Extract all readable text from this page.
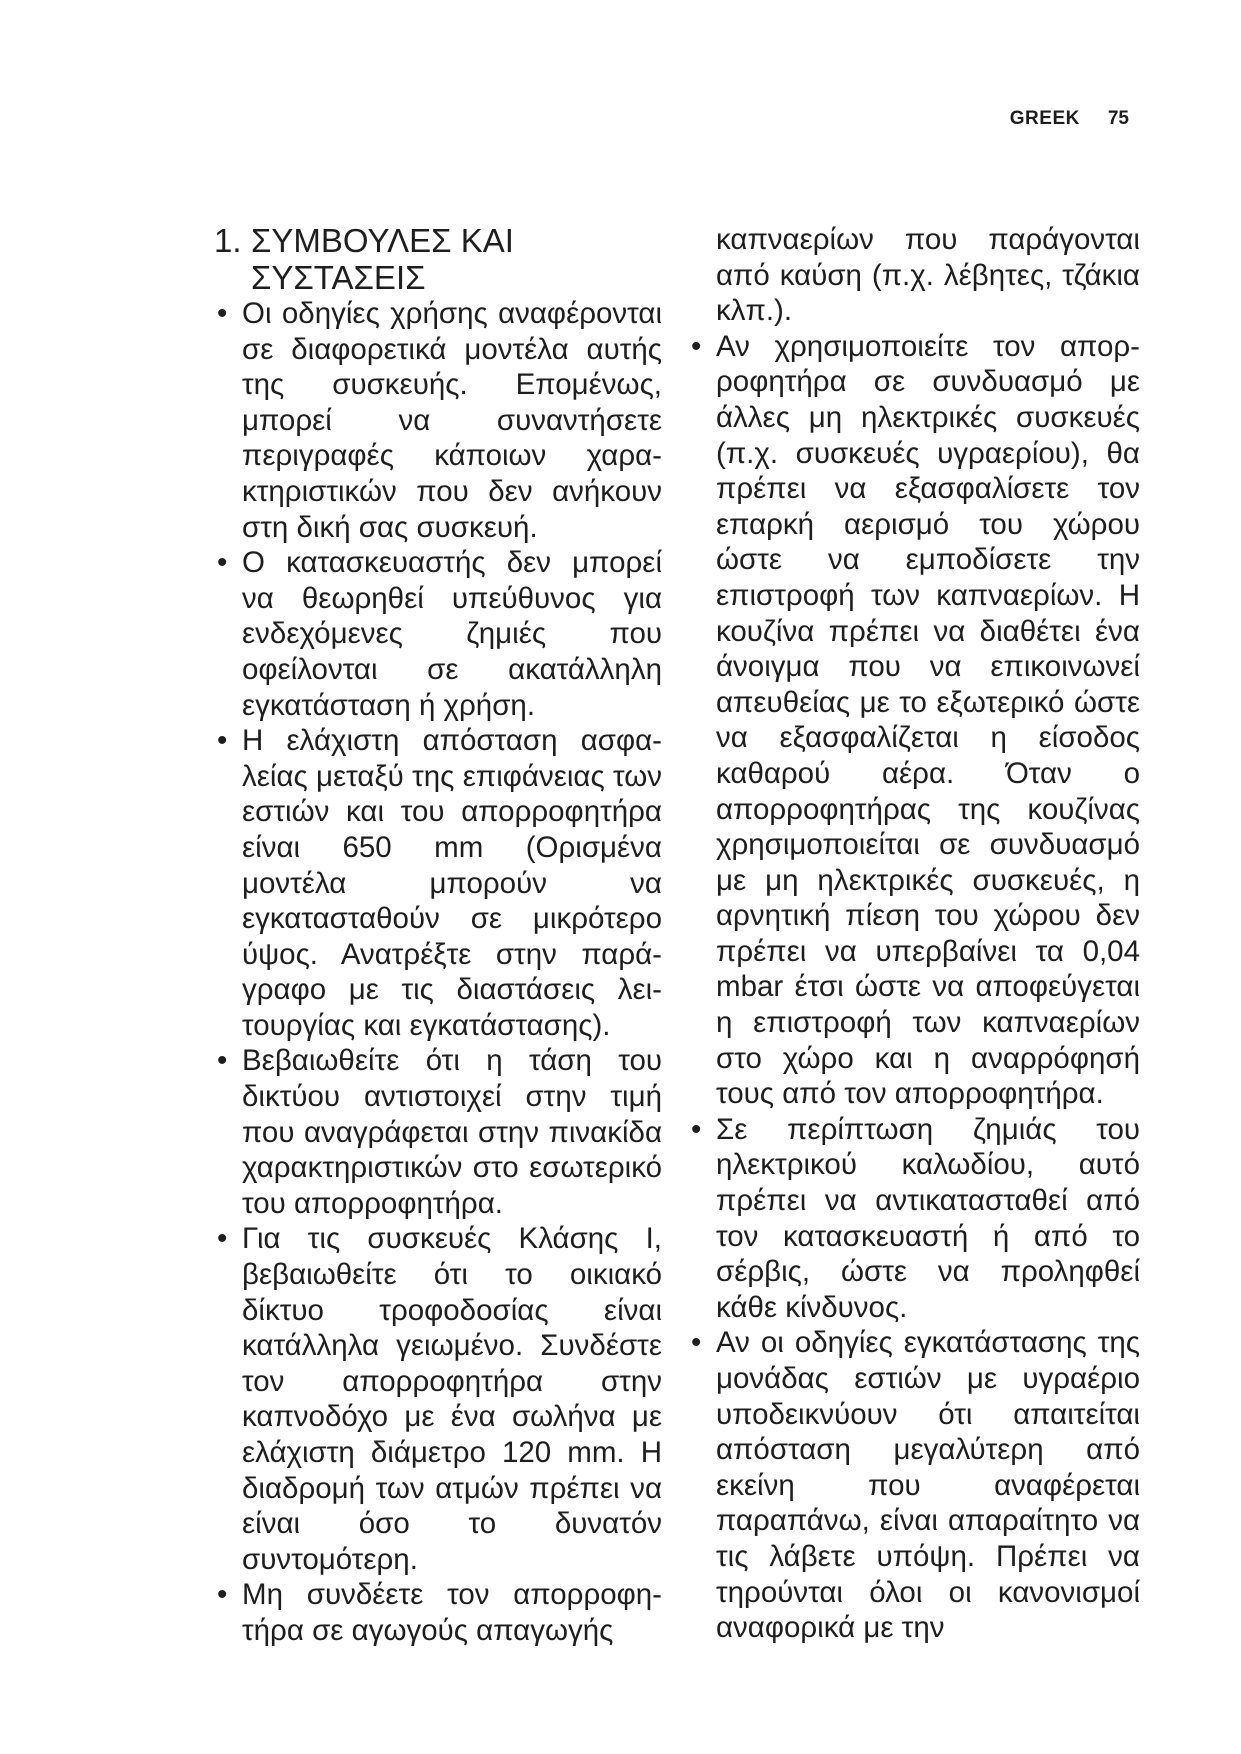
GREEK 75
1. ΣΥΜΒΟΥΛΕΣ ΚΑΙ ΣΥΣΤΑΣΕΙΣ
• Οι οδηγίες χρήσης αναφέρονται σε διαφορετικά μοντέλα αυτής της συσκευής. Επομένως, μπορεί να συναντήσετε περιγραφές κάποιων χαρακτηριστικών που δεν ανήκουν στη δική σας συσκευή.
• Ο κατασκευαστής δεν μπορεί να θεωρηθεί υπεύθυνος για ενδεχόμενες ζημιές που οφείλονται σε ακατάλληλη εγκατάσταση ή χρήση.
• Η ελάχιστη απόσταση ασφαλείας μεταξύ της επιφάνειας των εστιών και του απορροφητήρα είναι 650 mm (Ορισμένα μοντέλα μπορούν να εγκατασταθούν σε μικρότερο ύψος. Ανατρέξτε στην παράγραφο με τις διαστάσεις λειτουργίας και εγκατάστασης).
• Βεβαιωθείτε ότι η τάση του δικτύου αντιστοιχεί στην τιμή που αναγράφεται στην πινακίδα χαρακτηριστικών στο εσωτερικό του απορροφητήρα.
• Για τις συσκευές Κλάσης I, βεβαιωθείτε ότι το οικιακό δίκτυο τροφοδοσίας είναι κατάλληλα γειωμένο. Συνδέστε τον απορροφητήρα στην καπνοδόχο με ένα σωλήνα με ελάχιστη διάμετρο 120 mm. Η διαδρομή των ατμών πρέπει να είναι όσο το δυνατόν συντομότερη.
• Μη συνδέετε τον απορροφητήρα σε αγωγούς απαγωγής
καπναερίων που παράγονται από καύση (π.χ. λέβητες, τζάκια κλπ.).
• Αν χρησιμοποιείτε τον απορροφητήρα σε συνδυασμό με άλλες μη ηλεκτρικές συσκευές (π.χ. συσκευές υγραερίου), θα πρέπει να εξασφαλίσετε τον επαρκή αερισμό του χώρου ώστε να εμποδίσετε την επιστροφή των καπναερίων. Η κουζίνα πρέπει να διαθέτει ένα άνοιγμα που να επικοινωνεί απευθείας με το εξωτερικό ώστε να εξασφαλίζεται η είσοδος καθαρού αέρα. Όταν ο απορροφητήρας της κουζίνας χρησιμοποιείται σε συνδυασμό με μη ηλεκτρικές συσκευές, η αρνητική πίεση του χώρου δεν πρέπει να υπερβαίνει τα 0,04 mbar έτσι ώστε να αποφεύγεται η επιστροφή των καπναερίων στο χώρο και η αναρρόφησή τους από τον απορροφητήρα.
• Σε περίπτωση ζημιάς του ηλεκτρικού καλωδίου, αυτό πρέπει να αντικατασταθεί από τον κατασκευαστή ή από το σέρβις, ώστε να προληφθεί κάθε κίνδυνος.
• Αν οι οδηγίες εγκατάστασης της μονάδας εστιών με υγραέριο υποδεικνύουν ότι απαιτείται απόσταση μεγαλύτερη από εκείνη που αναφέρεται παραπάνω, είναι απαραίτητο να τις λάβετε υπόψη. Πρέπει να τηρούνται όλοι οι κανονισμοί αναφορικά με την
